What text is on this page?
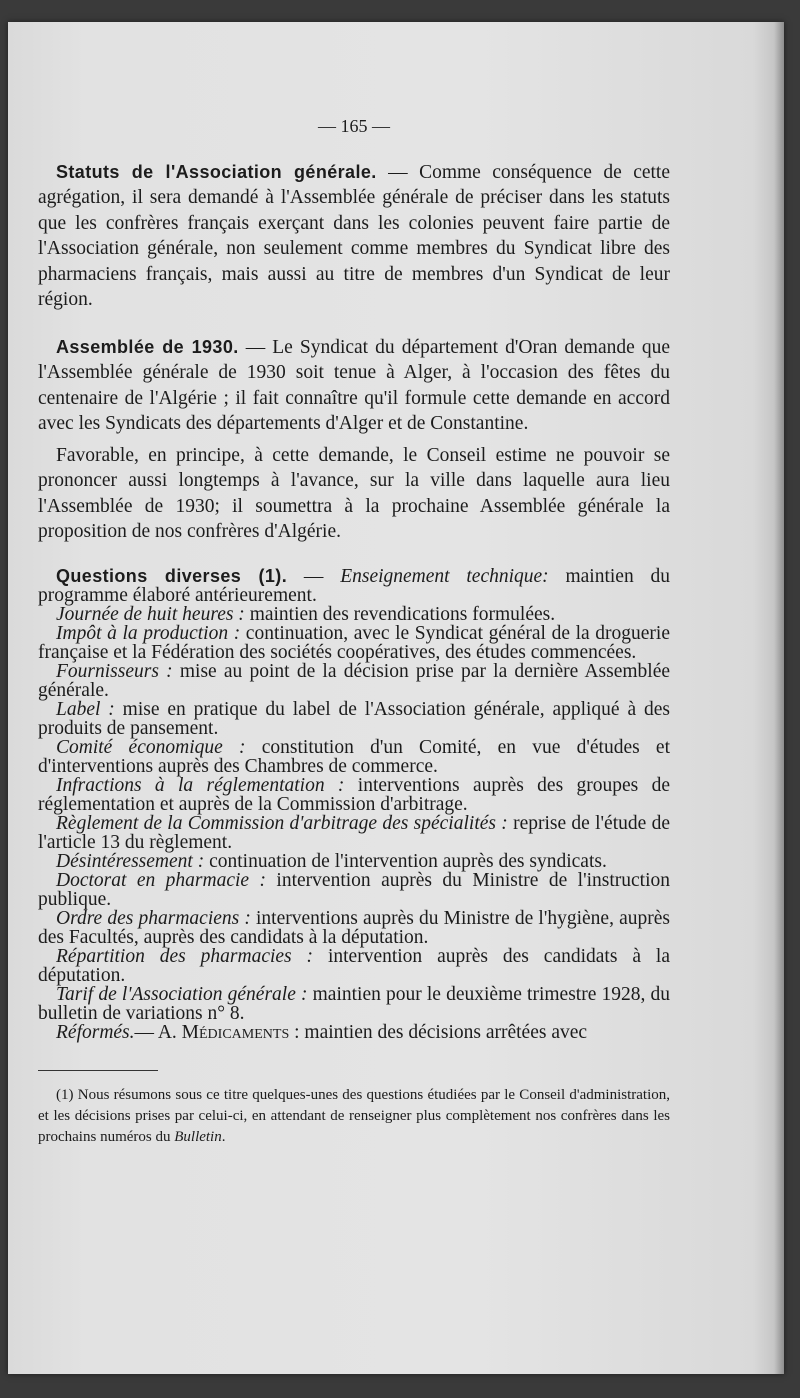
— 165 —

Statuts de l'Association générale. — Comme conséquence de cette agrégation, il sera demandé à l'Assemblée générale de préciser dans les statuts que les confrères français exerçant dans les colonies peuvent faire partie de l'Association générale, non seulement comme membres du Syndicat libre des pharmaciens français, mais aussi au titre de membres d'un Syndicat de leur région.

Assemblée de 1930. — Le Syndicat du département d'Oran demande que l'Assemblée générale de 1930 soit tenue à Alger, à l'occasion des fêtes du centenaire de l'Algérie ; il fait connaître qu'il formule cette demande en accord avec les Syndicats des départements d'Alger et de Constantine.

Favorable, en principe, à cette demande, le Conseil estime ne pouvoir se prononcer aussi longtemps à l'avance, sur la ville dans laquelle aura lieu l'Assemblée de 1930; il soumettra à la prochaine Assemblée générale la proposition de nos confrères d'Algérie.

Questions diverses (1). — Enseignement technique: maintien du programme élaboré antérieurement.

Journée de huit heures : maintien des revendications formulées.

Impôt à la production : continuation, avec le Syndicat général de la droguerie française et la Fédération des sociétés coopératives, des études commencées.

Fournisseurs : mise au point de la décision prise par la dernière Assemblée générale.

Label : mise en pratique du label de l'Association générale, appliqué à des produits de pansement.

Comité économique : constitution d'un Comité, en vue d'études et d'interventions auprès des Chambres de commerce.

Infractions à la réglementation : interventions auprès des groupes de réglementation et auprès de la Commission d'arbitrage.

Règlement de la Commission d'arbitrage des spécialités : reprise de l'étude de l'article 13 du règlement.

Désintéressement : continuation de l'intervention auprès des syndicats.

Doctorat en pharmacie : intervention auprès du Ministre de l'instruction publique.

Ordre des pharmaciens : interventions auprès du Ministre de l'hygiène, auprès des Facultés, auprès des candidats à la députation.

Répartition des pharmacies : intervention auprès des candidats à la députation.

Tarif de l'Association générale : maintien pour le deuxième trimestre 1928, du bulletin de variations n° 8.

Réformés.— A. Médicaments : maintien des décisions arrêtées avec

(1) Nous résumons sous ce titre quelques-unes des questions étudiées par le Conseil d'administration, et les décisions prises par celui-ci, en attendant de renseigner plus complètement nos confrères dans les prochains numéros du Bulletin.
